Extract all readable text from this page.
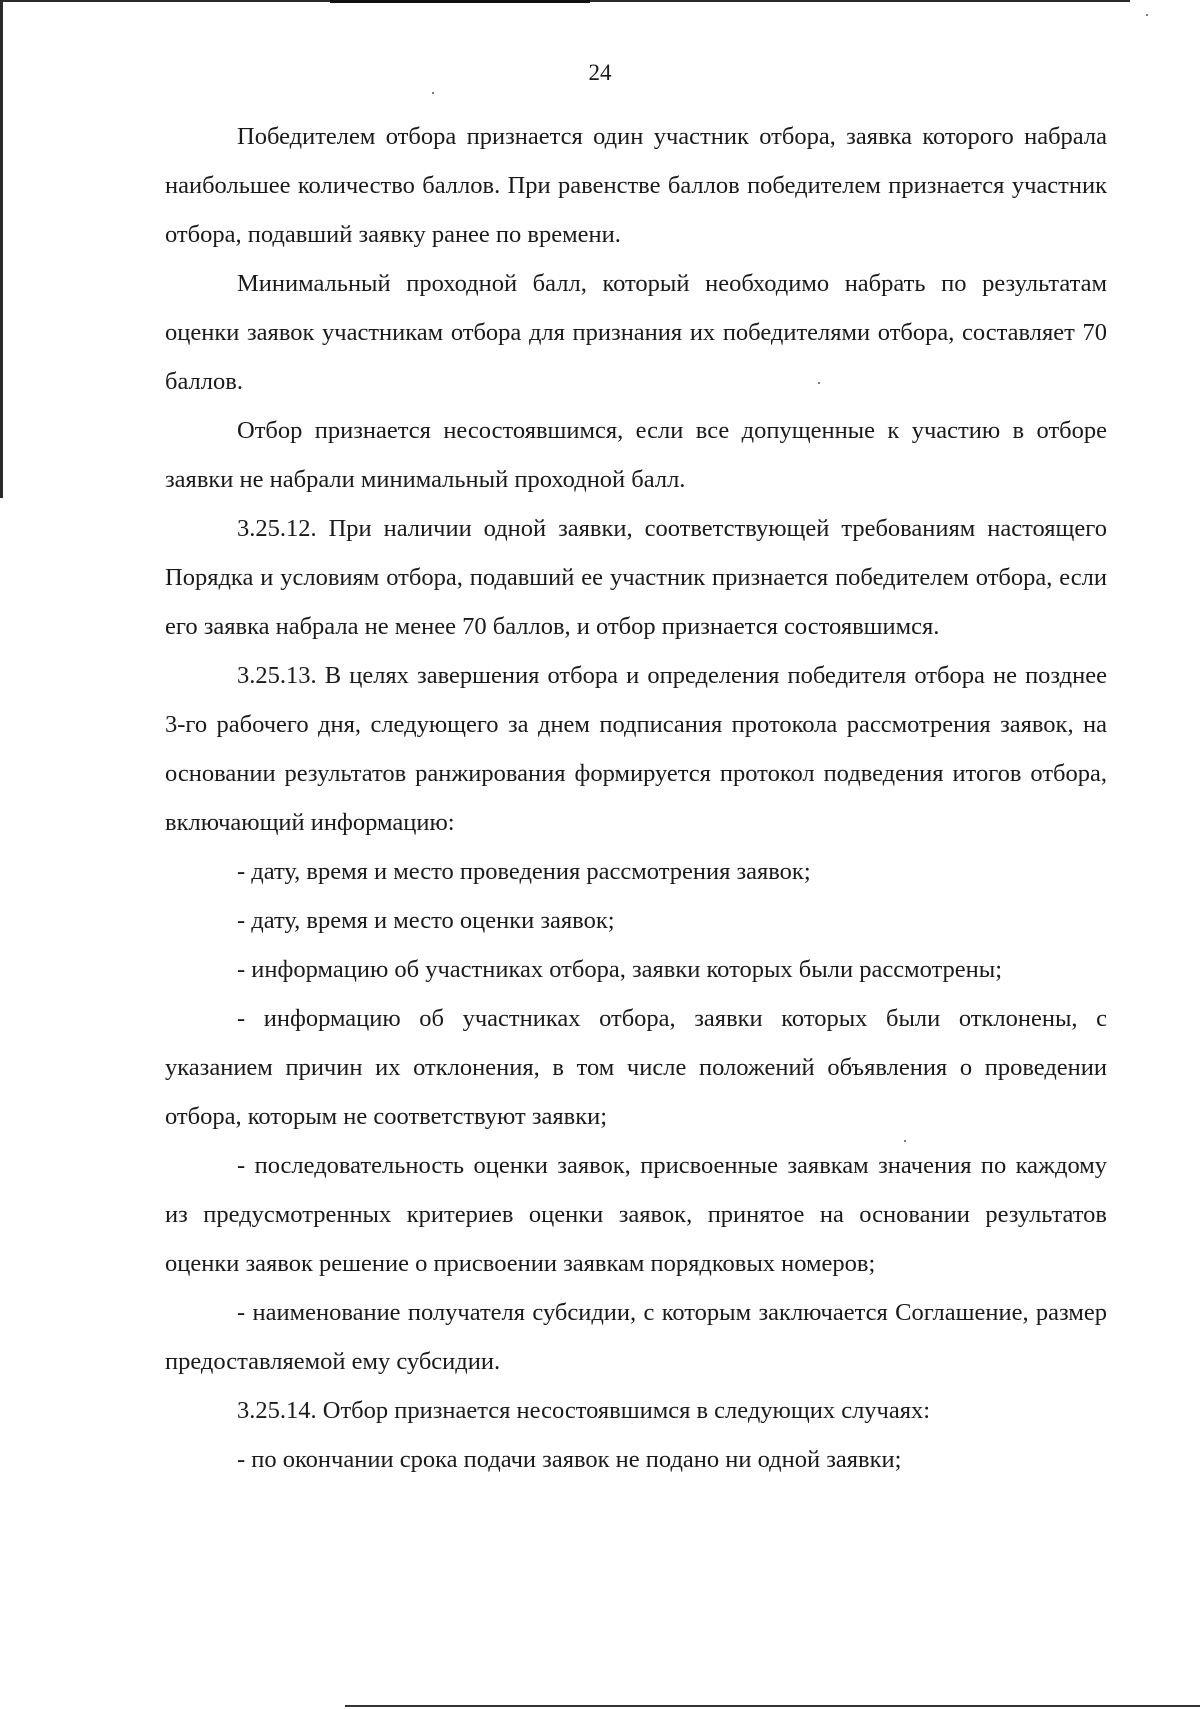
24

Победителем отбора признается один участник отбора, заявка которого набрала наибольшее количество баллов. При равенстве баллов победителем признается участник отбора, подавший заявку ранее по времени.

Минимальный проходной балл, который необходимо набрать по результатам оценки заявок участникам отбора для признания их победителями отбора, составляет 70 баллов.

Отбор признается несостоявшимся, если все допущенные к участию в отборе заявки не набрали минимальный проходной балл.

3.25.12. При наличии одной заявки, соответствующей требованиям настоящего Порядка и условиям отбора, подавший ее участник признается победителем отбора, если его заявка набрала не менее 70 баллов, и отбор признается состоявшимся.

3.25.13. В целях завершения отбора и определения победителя отбора не позднее 3-го рабочего дня, следующего за днем подписания протокола рассмотрения заявок, на основании результатов ранжирования формируется протокол подведения итогов отбора, включающий информацию:

- дату, время и место проведения рассмотрения заявок;

- дату, время и место оценки заявок;

- информацию об участниках отбора, заявки которых были рассмотрены;

- информацию об участниках отбора, заявки которых были отклонены, с указанием причин их отклонения, в том числе положений объявления о проведении отбора, которым не соответствуют заявки;

- последовательность оценки заявок, присвоенные заявкам значения по каждому из предусмотренных критериев оценки заявок, принятое на основании результатов оценки заявок решение о присвоении заявкам порядковых номеров;

- наименование получателя субсидии, с которым заключается Соглашение, размер предоставляемой ему субсидии.

3.25.14. Отбор признается несостоявшимся в следующих случаях:

- по окончании срока подачи заявок не подано ни одной заявки;
